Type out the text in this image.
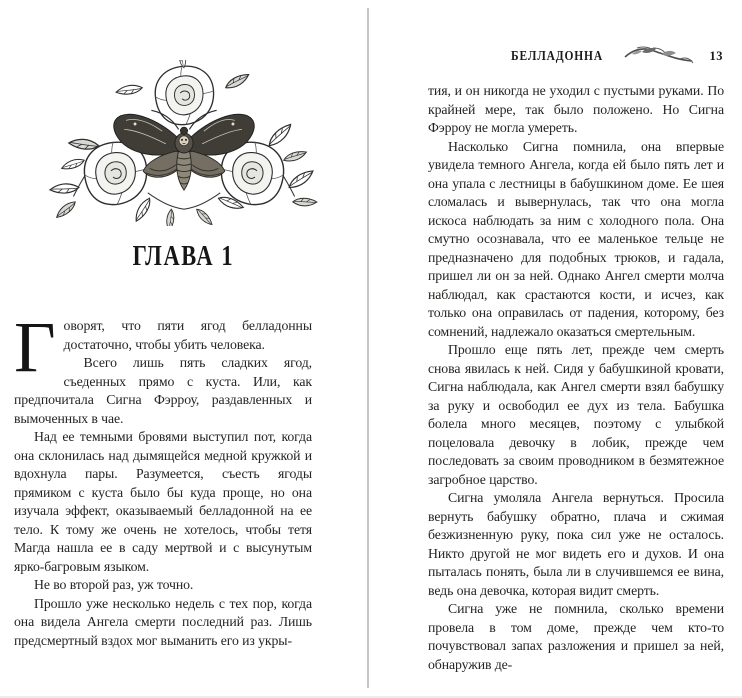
ГЛАВА 1

Говорят, что пяти ягод белладонны достаточно, чтобы убить человека.

Всего лишь пять сладких ягод, съеденных прямо с куста. Или, как предпочитала Сигна Фэрроу, раздавленных и вымоченных в чае.

Над ее темными бровями выступил пот, когда она склонилась над дымящейся медной кружкой и вдохнула пары. Разумеется, съесть ягоды прямиком с куста было бы куда проще, но она изучала эффект, оказываемый белладонной на ее тело. К тому же очень не хотелось, чтобы тетя Магда нашла ее в саду мертвой и с высунутым ярко-багровым языком.

Не во второй раз, уж точно.

Прошло уже несколько недель с тех пор, когда она видела Ангела смерти последний раз. Лишь предсмертный вздох мог выманить его из укры-

БЕЛЛАДОННА	13

тия, и он никогда не уходил с пустыми руками. По крайней мере, так было положено. Но Сигна Фэрроу не могла умереть.

Насколько Сигна помнила, она впервые увидела темного Ангела, когда ей было пять лет и она упала с лестницы в бабушкином доме. Ее шея сломалась и вывернулась, так что она могла искоса наблюдать за ним с холодного пола. Она смутно осознавала, что ее маленькое тельце не предназначено для подобных трюков, и гадала, пришел ли он за ней. Однако Ангел смерти молча наблюдал, как срастаются кости, и исчез, как только она оправилась от падения, которому, без сомнений, надлежало оказаться смертельным.

Прошло еще пять лет, прежде чем смерть снова явилась к ней. Сидя у бабушкиной кровати, Сигна наблюдала, как Ангел смерти взял бабушку за руку и освободил ее дух из тела. Бабушка болела много месяцев, поэтому с улыбкой поцеловала девочку в лобик, прежде чем последовать за своим проводником в безмятежное загробное царство.

Сигна умоляла Ангела вернуться. Просила вернуть бабушку обратно, плача и сжимая безжизненную руку, пока сил уже не осталось. Никто другой не мог видеть его и духов. И она пыталась понять, была ли в случившемся ее вина, ведь она девочка, которая видит смерть.

Сигна уже не помнила, сколько времени провела в том доме, прежде чем кто-то почувствовал запах разложения и пришел за ней, обнаружив де-
